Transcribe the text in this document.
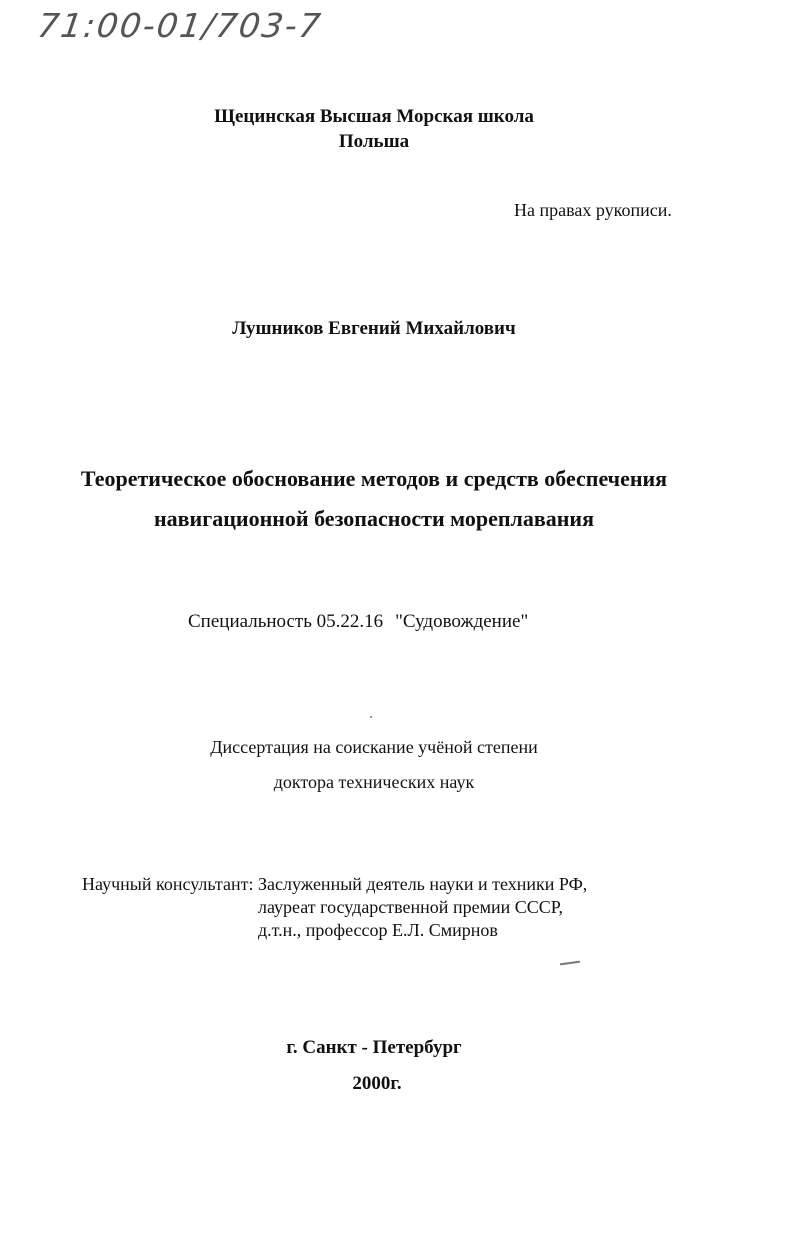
71:00-01/703-7
Щецинская Высшая Морская школа
Польша
На правах рукописи.
Лушников Евгений Михайлович
Теоретическое обоснование методов и средств обеспечения
навигационной безопасности мореплавания
Специальность 05.22.16 "Судовождение"
Диссертация на соискание учёной степени
доктора технических наук
Научный консультант: Заслуженный деятель науки и техники РФ,
лауреат государственной премии СССР,
д.т.н., профессор Е.Л. Смирнов
г. Санкт - Петербург
2000г.
